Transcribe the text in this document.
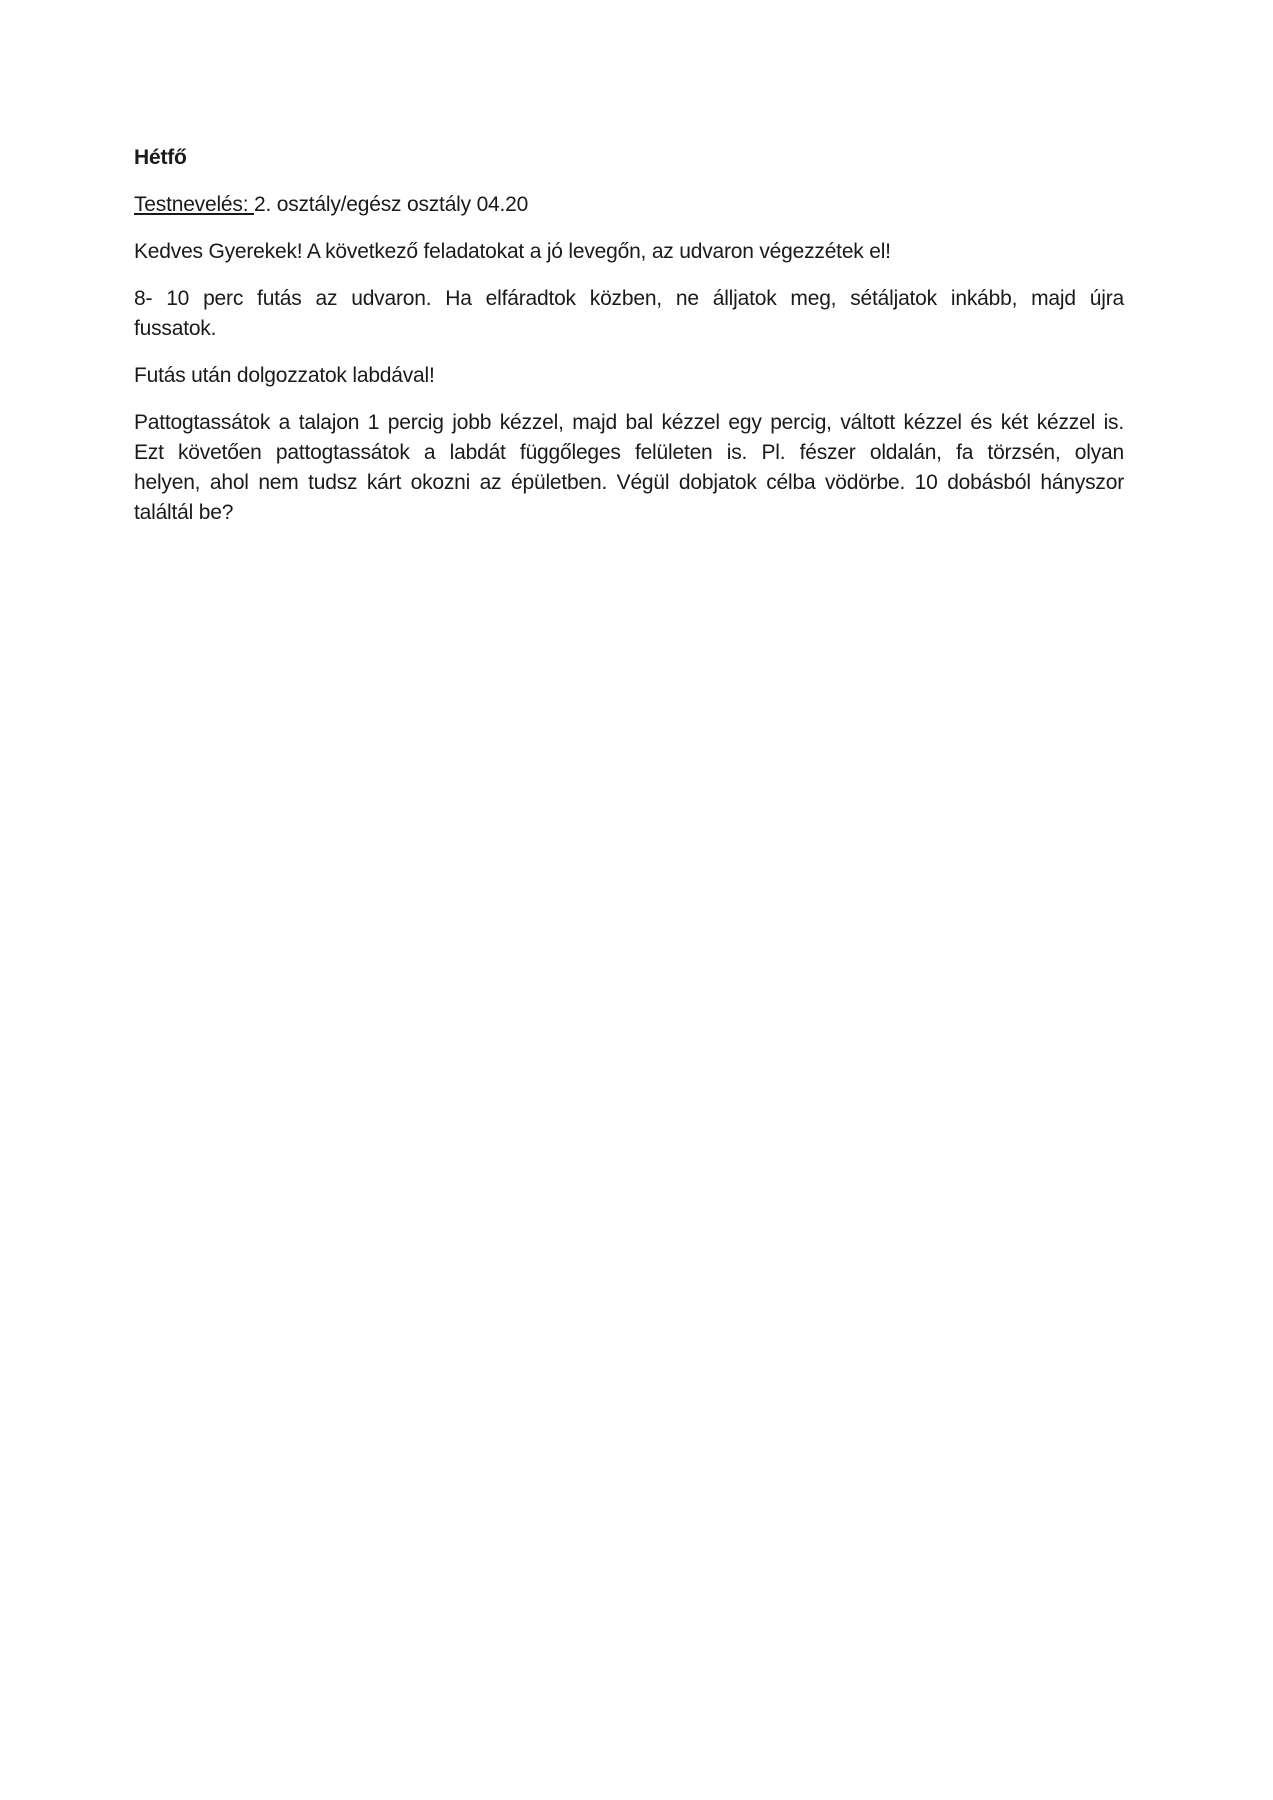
Hétfő

Testnevelés: 2. osztály/egész osztály 04.20

Kedves Gyerekek! A következő feladatokat a jó levegőn, az udvaron végezzétek el!

8- 10 perc futás az udvaron. Ha elfáradtok közben, ne álljatok meg, sétáljatok inkább, majd újra
fussatok.

Futás után dolgozzatok labdával!

Pattogtassátok a talajon 1 percig jobb kézzel, majd bal kézzel egy percig, váltott kézzel és két kézzel is.
Ezt követően pattogtassátok a labdát függőleges felületen is. Pl. fészer oldalán, fa törzsén, olyan
helyen, ahol nem tudsz kárt okozni az épületben. Végül dobjatok célba vödörbe. 10 dobásból hányszor
találtál be?
